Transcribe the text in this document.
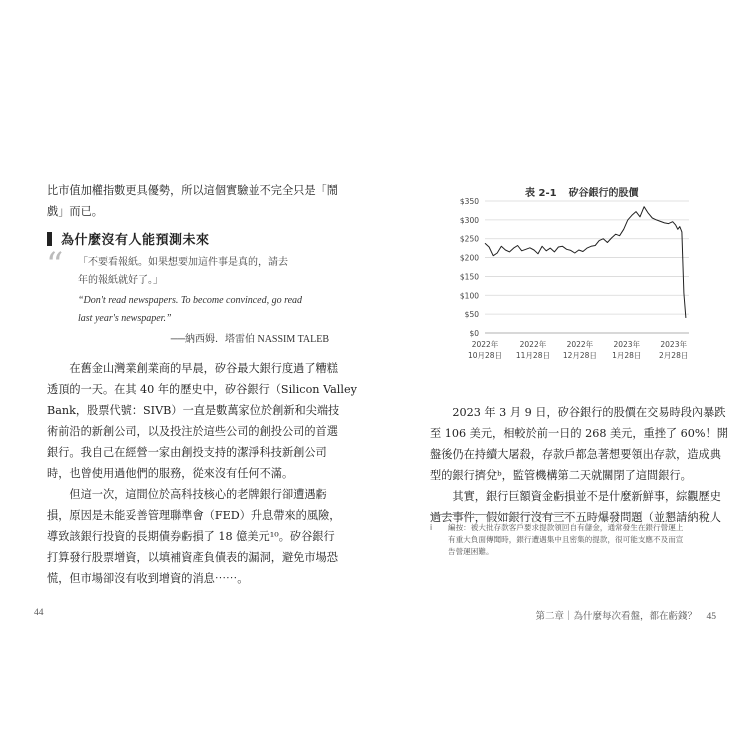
比市值加權指數更具優勢，所以這個實驗並不完全只是「鬧
戲」而已。
為什麼沒有人能預測未來
“ 「不要看報紙。如果想要加這件事是真的，請去
年的報紙就好了。」
“Don't read newspapers. To become convinced, go read
last year's newspaper.”
──納西姆．塔雷伯 NASSIM TALEB
在舊金山灣業創業商的早晨，矽谷最大銀行度過了糟糕
透頂的一天。在其 40 年的歷史中，矽谷銀行（Silicon Valley
Bank，股票代號：SIVB）一直是數萬家位於創新和尖端技
術前沿的新創公司，以及投注於這些公司的創投公司的首選
銀行。我自己在經營一家由創投支持的潔淨科技新創公司
時，也曾使用過他們的服務，從來沒有任何不滿。
但這一次，這間位於高科技核心的老牌銀行卻遭遇虧
損，原因是未能妥善管理聯準會（FED）升息帶來的風險，
導致該銀行投資的長期債券虧損了 18 億美元¹⁰。矽谷銀行
打算發行股票增資，以填補資產負債表的漏洞，避免市場恐
慌，但市場卻沒有收到增資的消息⋯⋯。
44
表 2-1 矽谷銀行的股價
$0
$50
$100
$150
$200
$250
$300
$350
2022年
10月28日
2022年
11月28日
2022年
12月28日
2023年
1月28日
2023年
2月28日
2023 年 3 月 9 日，矽谷銀行的股價在交易時段內暴跌
至 106 美元，相較於前一日的 268 美元，重挫了 60%！開
盤後仍在持續大屠殺，存款戶都急著想要領出存款，造成典
型的銀行擠兌ᵇ，監管機構第二天就關閉了這間銀行。
其實，銀行巨額資金虧損並不是什麼新鮮事，綜觀歷史
過去事件，假如銀行沒有三不五時爆發問題（並懇請納稅人
i 編按：被大批存款客戶要求提款領回自有儲金，通常發生在銀行營運上
有重大負面傳聞時，銀行遭遇集中且密集的提款，很可能支應不及而宣
告營運困難。
第二章｜為什麼每次看盤，都在虧錢？　45
